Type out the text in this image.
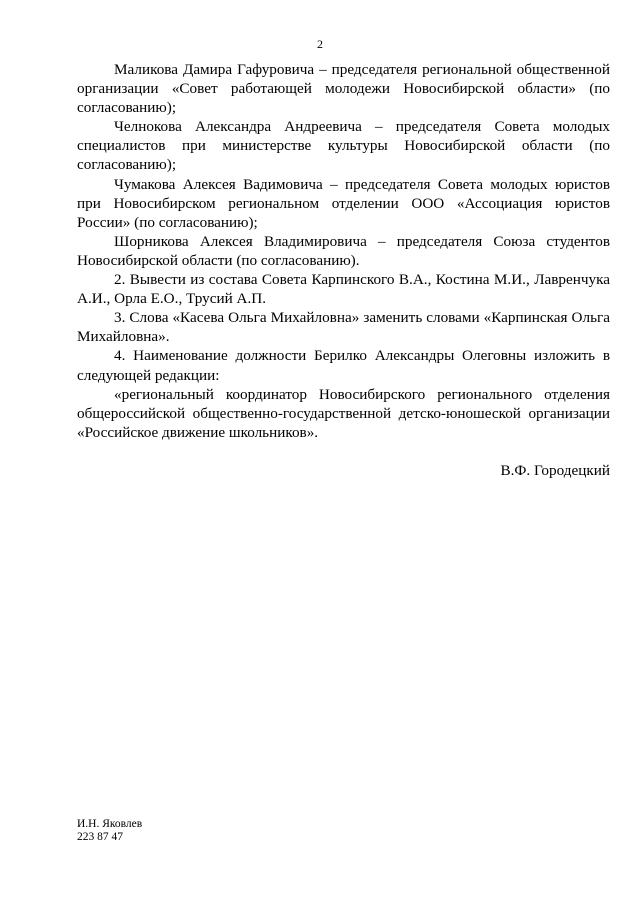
2

Маликова Дамира Гафуровича – председателя региональной общественной организации «Совет работающей молодежи Новосибирской области» (по согласованию);

Челнокова Александра Андреевича – председателя Совета молодых специалистов при министерстве культуры Новосибирской области (по согласованию);

Чумакова Алексея Вадимовича – председателя Совета молодых юристов при Новосибирском региональном отделении ООО «Ассоциация юристов России» (по согласованию);

Шорникова Алексея Владимировича – председателя Союза студентов Новосибирской области (по согласованию).

2. Вывести из состава Совета Карпинского В.А., Костина М.И., Лавренчука А.И., Орла Е.О., Трусий А.П.

3. Слова «Касева Ольга Михайловна» заменить словами «Карпинская Ольга Михайловна».

4. Наименование должности Берилко Александры Олеговны изложить в следующей редакции:

«региональный координатор Новосибирского регионального отделения общероссийской общественно-государственной детско-юношеской организации «Российское движение школьников».

В.Ф. Городецкий
И.Н. Яковлев
223 87 47
